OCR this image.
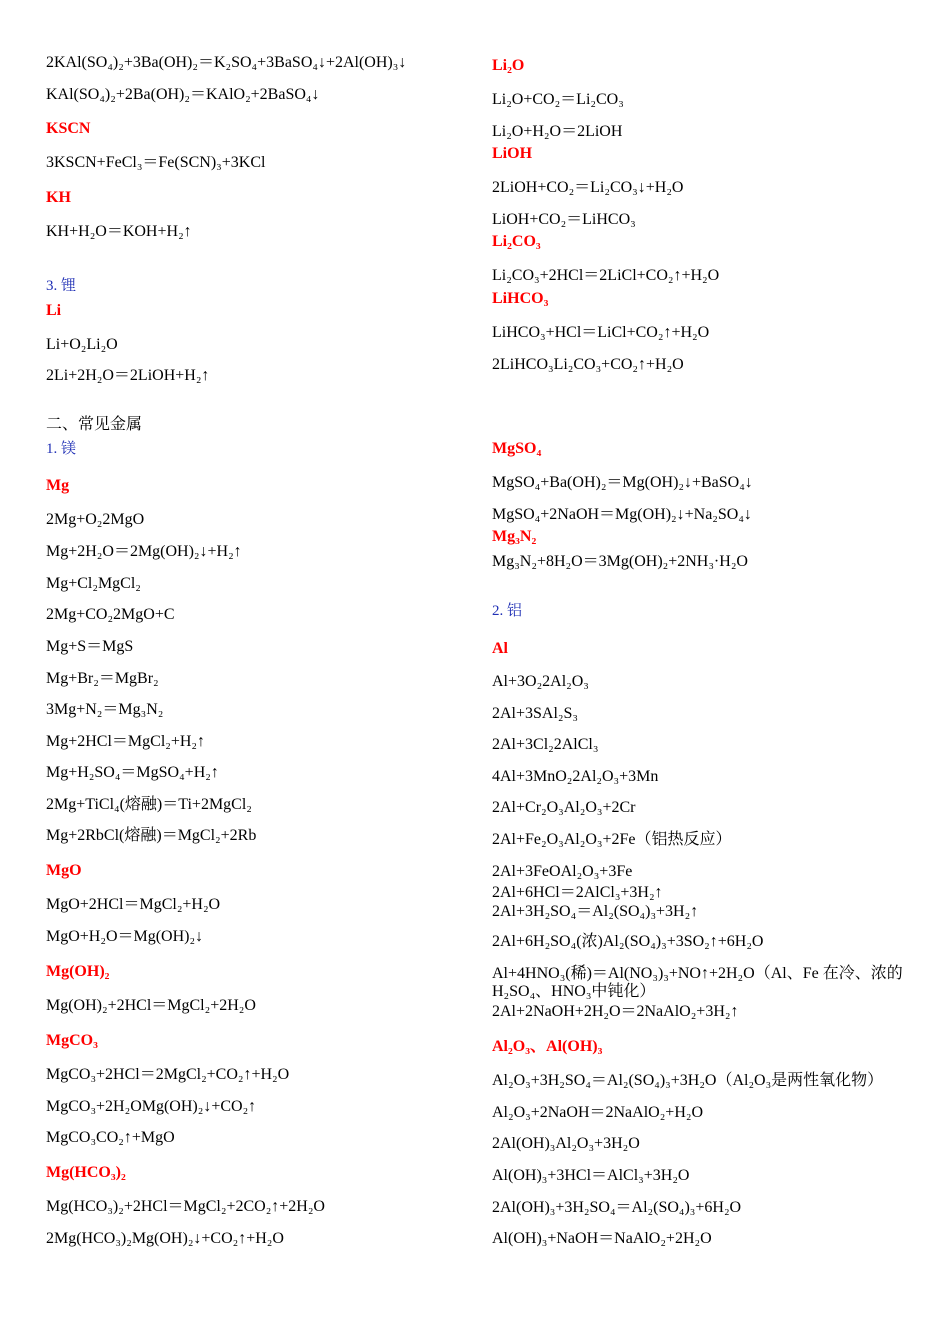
2KAl(SO₄)₂+3Ba(OH)₂＝K₂SO₄+3BaSO₄↓+2Al(OH)₃↓
KAl(SO₄)₂+2Ba(OH)₂＝KAlO₂+2BaSO₄↓
KSCN
3KSCN+FeCl₃＝Fe(SCN)₃+3KCl
KH
KH+H₂O＝KOH+H₂↑
3. 锂
Li
Li+O₂Li₂O
2Li+2H₂O＝2LiOH+H₂↑
二、常见金属
1. 镁
Mg
2Mg+O₂2MgO
Mg+2H₂O＝2Mg(OH)₂↓+H₂↑
Mg+Cl₂MgCl₂
2Mg+CO₂2MgO+C
Mg+S＝MgS
Mg+Br₂＝MgBr₂
3Mg+N₂＝Mg₃N₂
Mg+2HCl＝MgCl₂+H₂↑
Mg+H₂SO₄＝MgSO₄+H₂↑
2Mg+TiCl₄(熔融)＝Ti+2MgCl₂
Mg+2RbCl(熔融)＝MgCl₂+2Rb
MgO
MgO+2HCl＝MgCl₂+H₂O
MgO+H₂O＝Mg(OH)₂↓
Mg(OH)₂
Mg(OH)₂+2HCl＝MgCl₂+2H₂O
MgCO₃
MgCO₃+2HCl＝2MgCl₂+CO₂↑+H₂O
MgCO₃+2H₂OMg(OH)₂↓+CO₂↑
MgCO₃CO₂↑+MgO
Mg(HCO₃)₂
Mg(HCO₃)₂+2HCl＝MgCl₂+2CO₂↑+2H₂O
2Mg(HCO₃)₂Mg(OH)₂↓+CO₂↑+H₂O
Li₂O
Li₂O+CO₂＝Li₂CO₃
Li₂O+H₂O＝2LiOH
LiOH
2LiOH+CO₂＝Li₂CO₃↓+H₂O
LiOH+CO₂＝LiHCO₃
Li₂CO₃
Li₂CO₃+2HCl＝2LiCl+CO₂↑+H₂O
LiHCO₃
LiHCO₃+HCl＝LiCl+CO₂↑+H₂O
2LiHCO₃Li₂CO₃+CO₂↑+H₂O
MgSO₄
MgSO₄+Ba(OH)₂＝Mg(OH)₂↓+BaSO₄↓
MgSO₄+2NaOH＝Mg(OH)₂↓+Na₂SO₄↓
Mg₃N₂
Mg₃N₂+8H₂O＝3Mg(OH)₂+2NH₃·H₂O
2. 铝
Al
Al+3O₂2Al₂O₃
2Al+3SAl₂S₃
2Al+3Cl₂2AlCl₃
4Al+3MnO₂2Al₂O₃+3Mn
2Al+Cr₂O₃Al₂O₃+2Cr
2Al+Fe₂O₃Al₂O₃+2Fe（铝热反应）
2Al+3FeOAl₂O₃+3Fe
2Al+6HCl＝2AlCl₃+3H₂↑
2Al+3H₂SO₄＝Al₂(SO₄)₃+3H₂↑
2Al+6H₂SO₄(浓)Al₂(SO₄)₃+3SO₂↑+6H₂O
Al+4HNO₃(稀)＝Al(NO₃)₃+NO↑+2H₂O（Al、Fe 在冷、浓的 H₂SO₄、HNO₃中钝化）
2Al+2NaOH+2H₂O＝2NaAlO₂+3H₂↑
Al₂O₃、Al(OH)₃
Al₂O₃+3H₂SO₄＝Al₂(SO₄)₃+3H₂O（Al₂O₃是两性氧化物）
Al₂O₃+2NaOH＝2NaAlO₂+H₂O
2Al(OH)₃Al₂O₃+3H₂O
Al(OH)₃+3HCl＝AlCl₃+3H₂O
2Al(OH)₃+3H₂SO₄＝Al₂(SO₄)₃+6H₂O
Al(OH)₃+NaOH＝NaAlO₂+2H₂O
